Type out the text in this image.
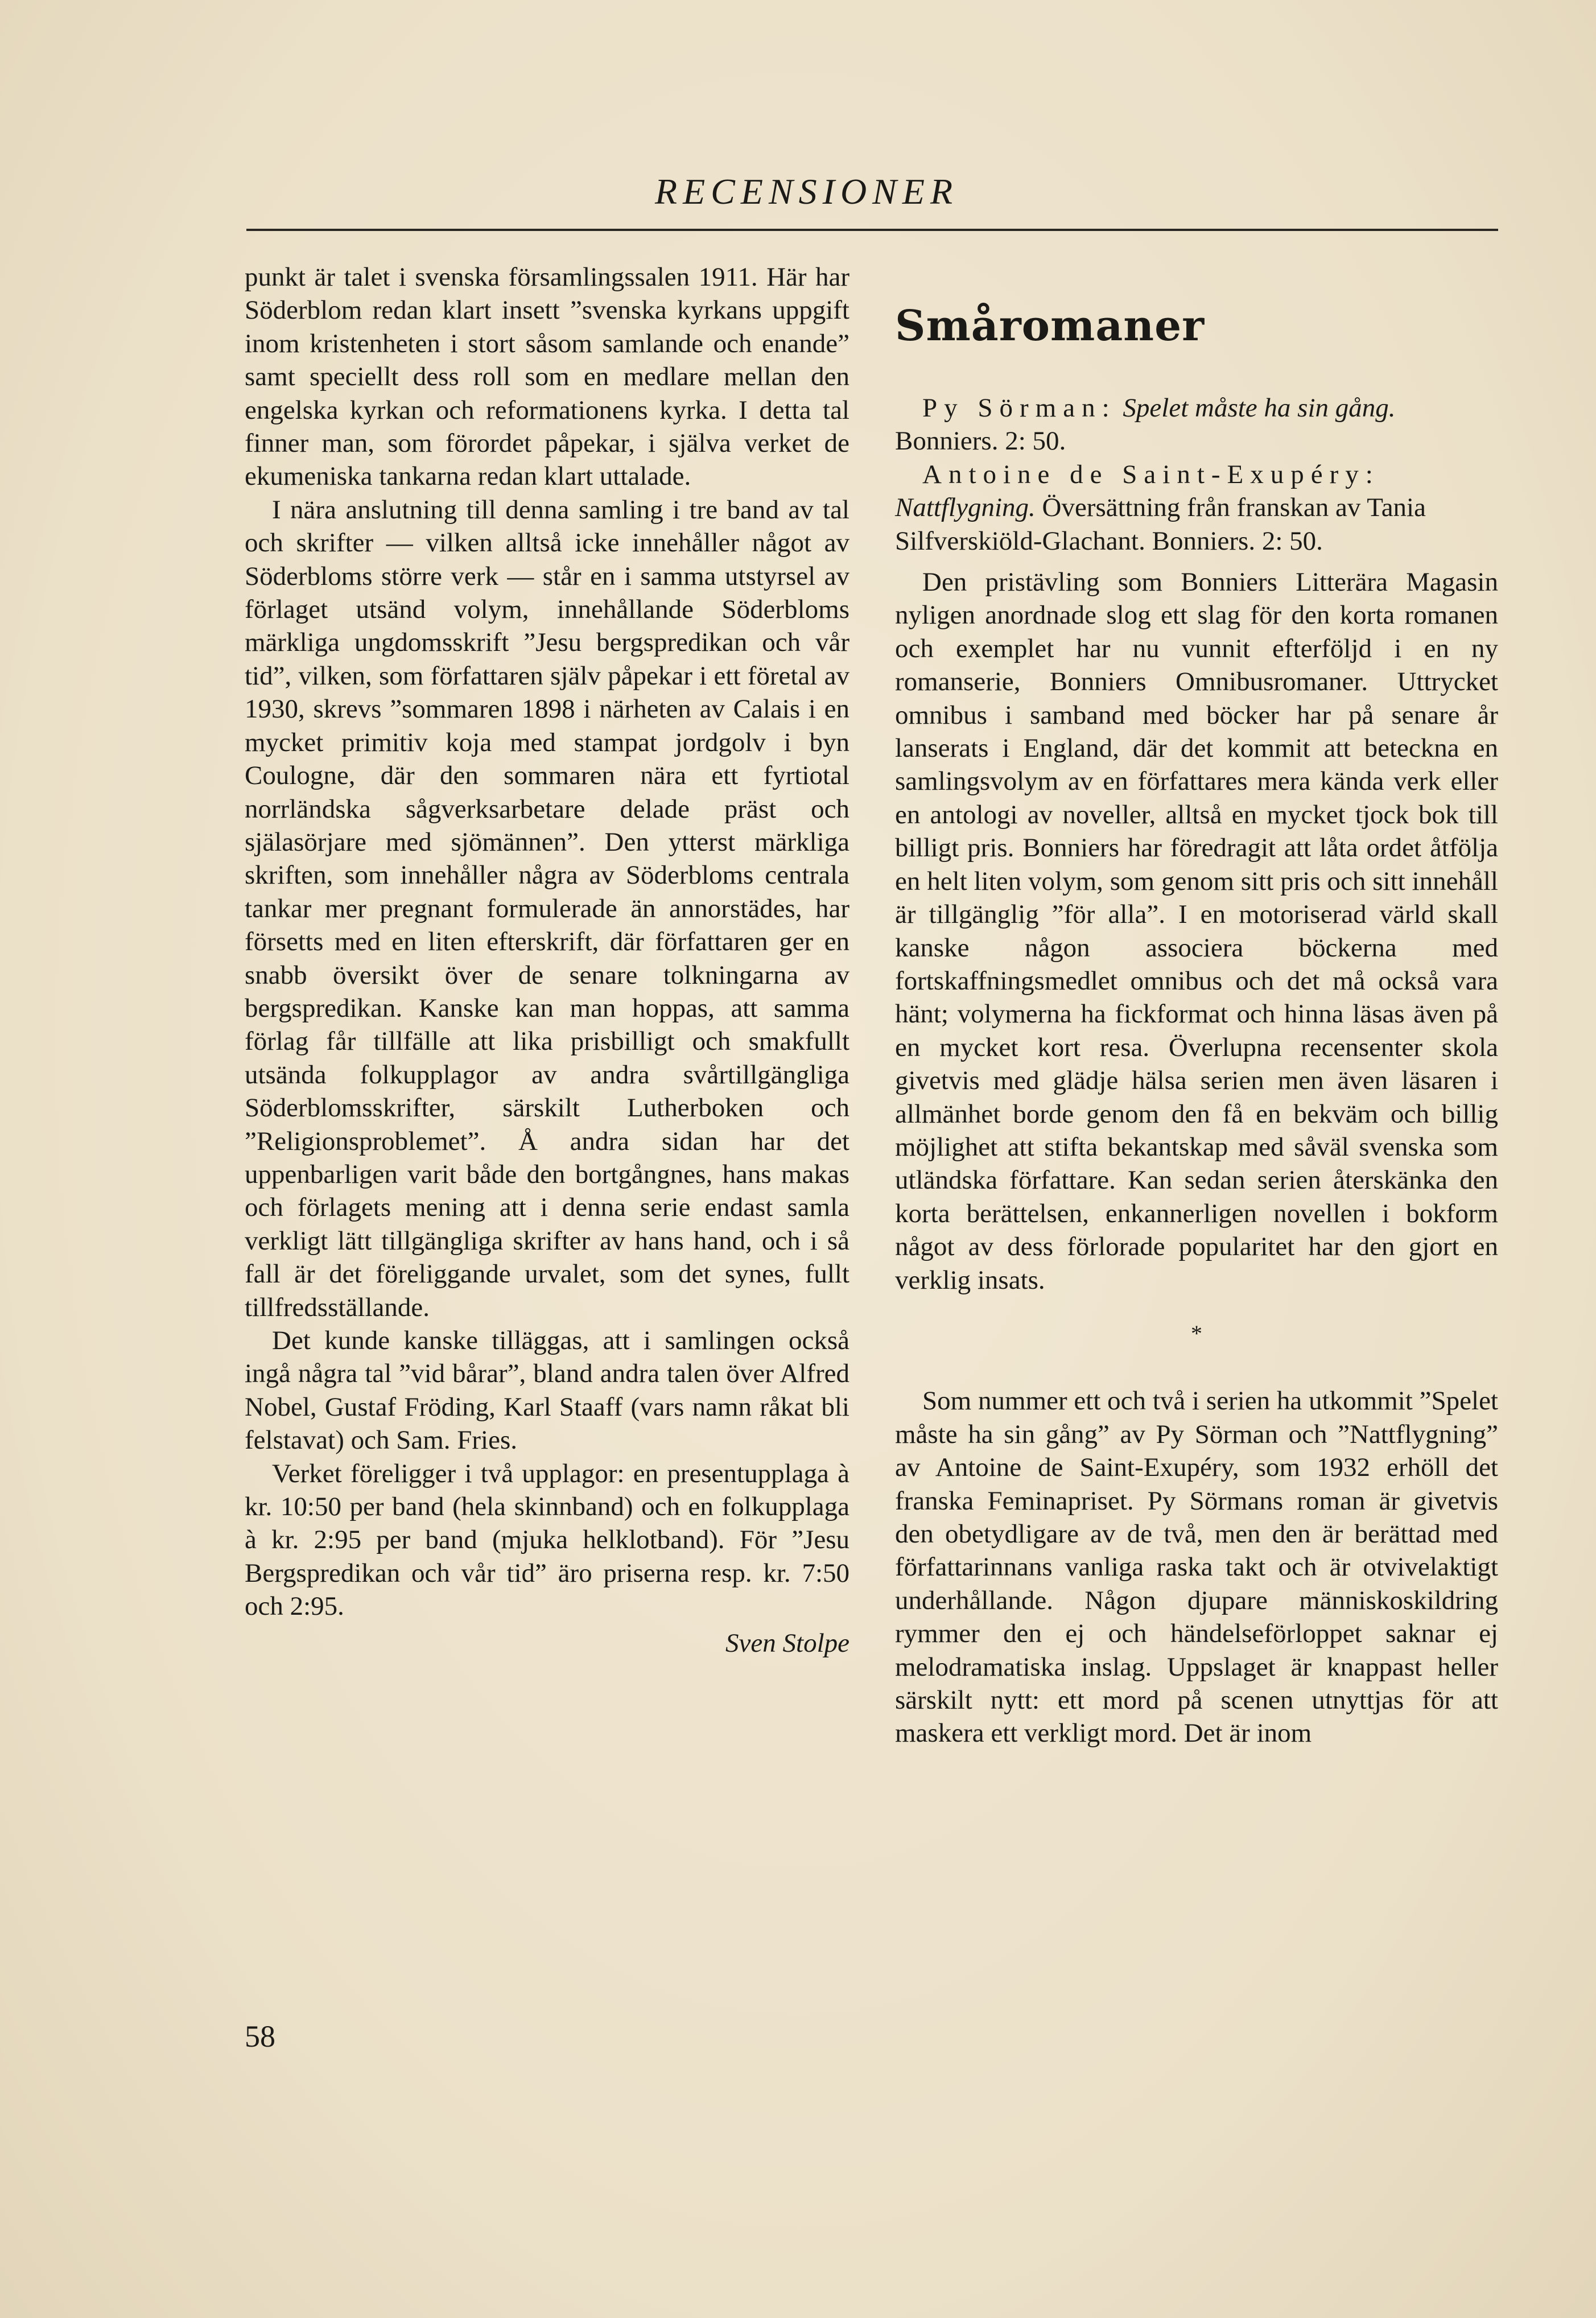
RECENSIONER

punkt är talet i svenska församlingssalen 1911. Här har Söderblom redan klart insett ”svenska kyrkans uppgift inom kristenheten i stort såsom samlande och enande” samt speciellt dess roll som en medlare mellan den engelska kyrkan och reformationens kyrka. I detta tal finner man, som förordet påpekar, i själva verket de ekumeniska tankarna redan klart uttalade.

I nära anslutning till denna samling i tre band av tal och skrifter — vilken alltså icke innehåller något av Söderbloms större verk — står en i samma utstyrsel av förlaget utsänd volym, innehållande Söderbloms märkliga ungdomsskrift ”Jesu bergspredikan och vår tid”, vilken, som författaren själv påpekar i ett företal av 1930, skrevs ”sommaren 1898 i närheten av Calais i en mycket primitiv koja med stampat jordgolv i byn Coulogne, där den sommaren nära ett fyrtiotal norrländska sågverksarbetare delade präst och själasörjare med sjömännen”. Den ytterst märkliga skriften, som innehåller några av Söderbloms centrala tankar mer pregnant formulerade än annorstädes, har försetts med en liten efterskrift, där författaren ger en snabb översikt över de senare tolkningarna av bergspredikan. Kanske kan man hoppas, att samma förlag får tillfälle att lika prisbilligt och smakfullt utsända folkupplagor av andra svårtillgängliga Söderblomsskrifter, särskilt Lutherboken och ”Religionsproblemet”. Å andra sidan har det uppenbarligen varit både den bortgångnes, hans makas och förlagets mening att i denna serie endast samla verkligt lätt tillgängliga skrifter av hans hand, och i så fall är det föreliggande urvalet, som det synes, fullt tillfredsställande.

Det kunde kanske tilläggas, att i samlingen också ingå några tal ”vid bårar”, bland andra talen över Alfred Nobel, Gustaf Fröding, Karl Staaff (vars namn råkat bli felstavat) och Sam. Fries.

Verket föreligger i två upplagor: en presentupplaga à kr. 10:50 per band (hela skinnband) och en folkupplaga à kr. 2:95 per band (mjuka helklotband). För ”Jesu Bergspredikan och vår tid” äro priserna resp. kr. 7:50 och 2:95.

Sven Stolpe
Småromaner

Py Sörman: Spelet måste ha sin gång. Bonniers. 2: 50.

Antoine de Saint-Exupéry: Nattflygning. Översättning från franskan av Tania Silfverskiöld-Glachant. Bonniers. 2: 50.

Den pristävling som Bonniers Litterära Magasin nyligen anordnade slog ett slag för den korta romanen och exemplet har nu vunnit efterföljd i en ny romanserie, Bonniers Omnibusromaner. Uttrycket omnibus i samband med böcker har på senare år lanserats i England, där det kommit att beteckna en samlingsvolym av en författares mera kända verk eller en antologi av noveller, alltså en mycket tjock bok till billigt pris. Bonniers har föredragit att låta ordet åtfölja en helt liten volym, som genom sitt pris och sitt innehåll är tillgänglig ”för alla”. I en motoriserad värld skall kanske någon associera böckerna med fortskaffningsmedlet omnibus och det må också vara hänt; volymerna ha fickformat och hinna läsas även på en mycket kort resa. Överlupna recensenter skola givetvis med glädje hälsa serien men även läsaren i allmänhet borde genom den få en bekväm och billig möjlighet att stifta bekantskap med såväl svenska som utländska författare. Kan sedan serien återskänka den korta berättelsen, enkannerligen novellen i bokform något av dess förlorade popularitet har den gjort en verklig insats.

*

Som nummer ett och två i serien ha utkommit ”Spelet måste ha sin gång” av Py Sörman och ”Nattflygning” av Antoine de Saint-Exupéry, som 1932 erhöll det franska Feminapriset. Py Sörmans roman är givetvis den obetydligare av de två, men den är berättad med författarinnans vanliga raska takt och är otvivelaktigt underhållande. Någon djupare människoskildring rymmer den ej och händelseförloppet saknar ej melodramatiska inslag. Uppslaget är knappast heller särskilt nytt: ett mord på scenen utnyttjas för att maskera ett verkligt mord. Det är inom

58
